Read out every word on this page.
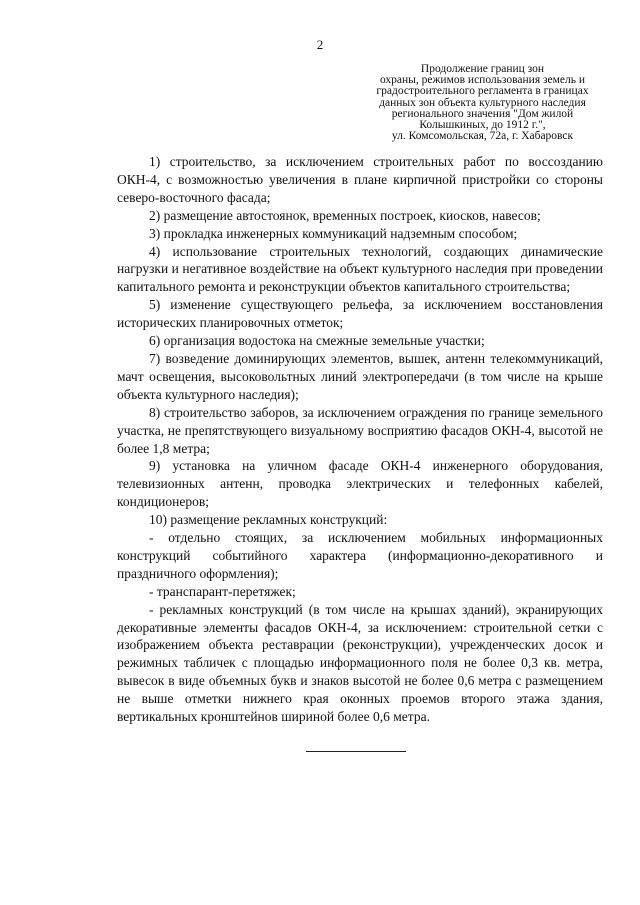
2
Продолжение границ зон
охраны, режимов использования земель и
градостроительного регламента в границах
данных зон объекта культурного наследия
регионального значения "Дом жилой
Колышкиных, до 1912 г.",
ул. Комсомольская, 72а, г. Хабаровск

1) строительство, за исключением строительных работ по воссозданию ОКН-4, с возможностью увеличения в плане кирпичной пристройки со стороны северо-восточного фасада;

2) размещение автостоянок, временных построек, киосков, навесов;

3) прокладка инженерных коммуникаций надземным способом;

4) использование строительных технологий, создающих динамические нагрузки и негативное воздействие на объект культурного наследия при проведении капитального ремонта и реконструкции объектов капитального строительства;

5) изменение существующего рельефа, за исключением восстановления исторических планировочных отметок;

6) организация водостока на смежные земельные участки;

7) возведение доминирующих элементов, вышек, антенн телекоммуникаций, мачт освещения, высоковольтных линий электропередачи (в том числе на крыше объекта культурного наследия);

8) строительство заборов, за исключением ограждения по границе земельного участка, не препятствующего визуальному восприятию фасадов ОКН-4, высотой не более 1,8 метра;

9) установка на уличном фасаде ОКН-4 инженерного оборудования, телевизионных антенн, проводка электрических и телефонных кабелей, кондиционеров;

10) размещение рекламных конструкций:

- отдельно стоящих, за исключением мобильных информационных конструкций событийного характера (информационно-декоративного и праздничного оформления);

- транспарант-перетяжек;

- рекламных конструкций (в том числе на крышах зданий), экранирующих декоративные элементы фасадов ОКН-4, за исключением: строительной сетки с изображением объекта реставрации (реконструкции), учрежденческих досок и режимных табличек с площадью информационного поля не более 0,3 кв. метра, вывесок в виде объемных букв и знаков высотой не более 0,6 метра с размещением не выше отметки нижнего края оконных проемов второго этажа здания, вертикальных кронштейнов шириной более 0,6 метра.
